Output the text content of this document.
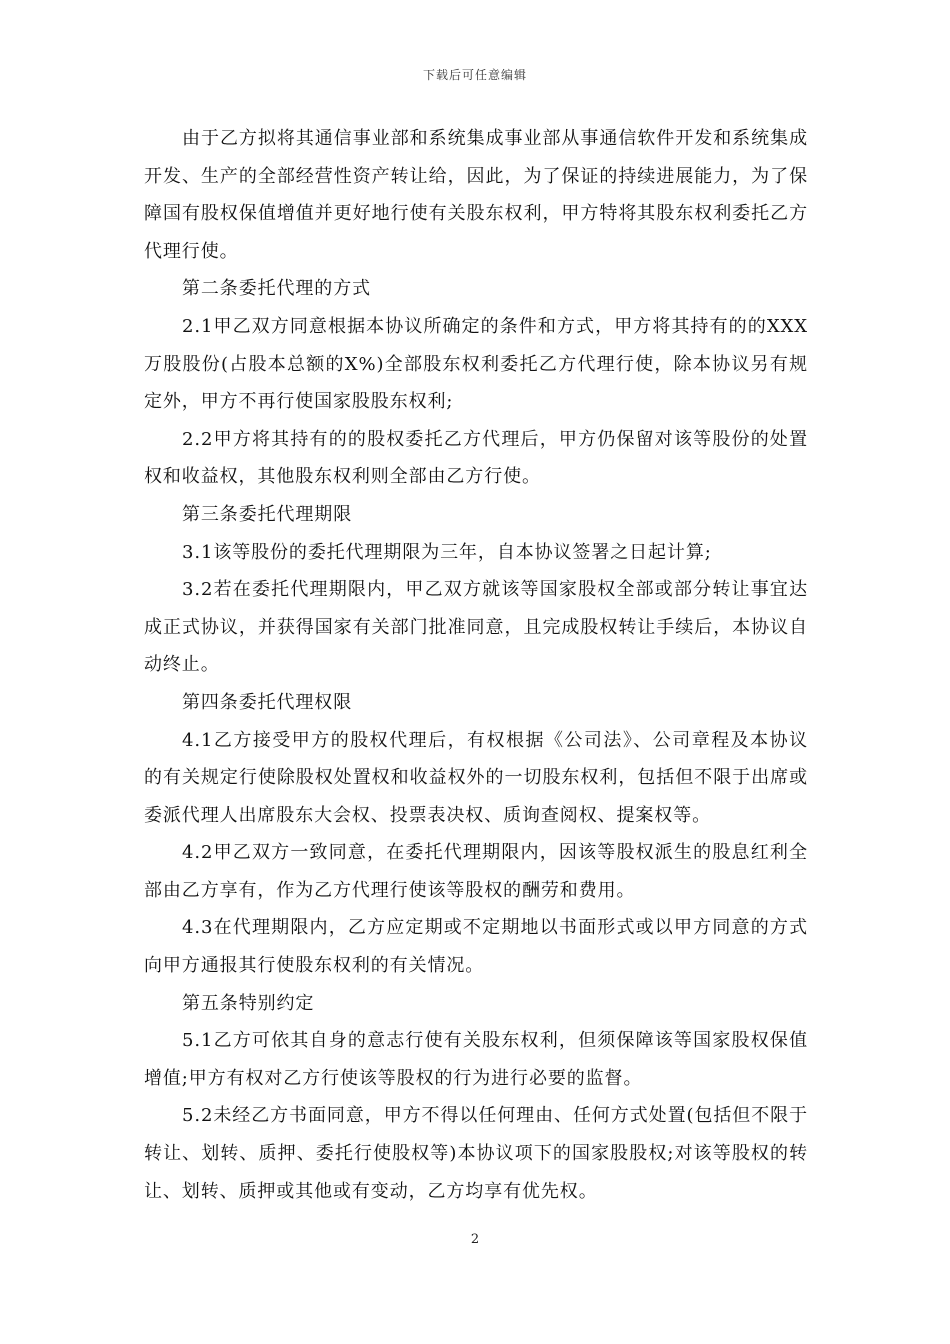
下载后可任意编辑

由于乙方拟将其通信事业部和系统集成事业部从事通信软件开发和系统集成开发、生产的全部经营性资产转让给，因此，为了保证的持续进展能力，为了保障国有股权保值增值并更好地行使有关股东权利，甲方特将其股东权利委托乙方代理行使。

第二条委托代理的方式

2.1甲乙双方同意根据本协议所确定的条件和方式，甲方将其持有的的XXX万股股份(占股本总额的X%)全部股东权利委托乙方代理行使，除本协议另有规定外，甲方不再行使国家股股东权利;

2.2甲方将其持有的的股权委托乙方代理后，甲方仍保留对该等股份的处置权和收益权，其他股东权利则全部由乙方行使。

第三条委托代理期限

3.1该等股份的委托代理期限为三年，自本协议签署之日起计算;

3.2若在委托代理期限内，甲乙双方就该等国家股权全部或部分转让事宜达成正式协议，并获得国家有关部门批准同意，且完成股权转让手续后，本协议自动终止。

第四条委托代理权限

4.1乙方接受甲方的股权代理后，有权根据《公司法》、公司章程及本协议的有关规定行使除股权处置权和收益权外的一切股东权利，包括但不限于出席或委派代理人出席股东大会权、投票表决权、质询查阅权、提案权等。

4.2甲乙双方一致同意，在委托代理期限内，因该等股权派生的股息红利全部由乙方享有，作为乙方代理行使该等股权的酬劳和费用。

4.3在代理期限内，乙方应定期或不定期地以书面形式或以甲方同意的方式向甲方通报其行使股东权利的有关情况。

第五条特别约定

5.1乙方可依其自身的意志行使有关股东权利，但须保障该等国家股权保值增值;甲方有权对乙方行使该等股权的行为进行必要的监督。

5.2未经乙方书面同意，甲方不得以任何理由、任何方式处置(包括但不限于转让、划转、质押、委托行使股权等)本协议项下的国家股股权;对该等股权的转让、划转、质押或其他或有变动，乙方均享有优先权。

2
